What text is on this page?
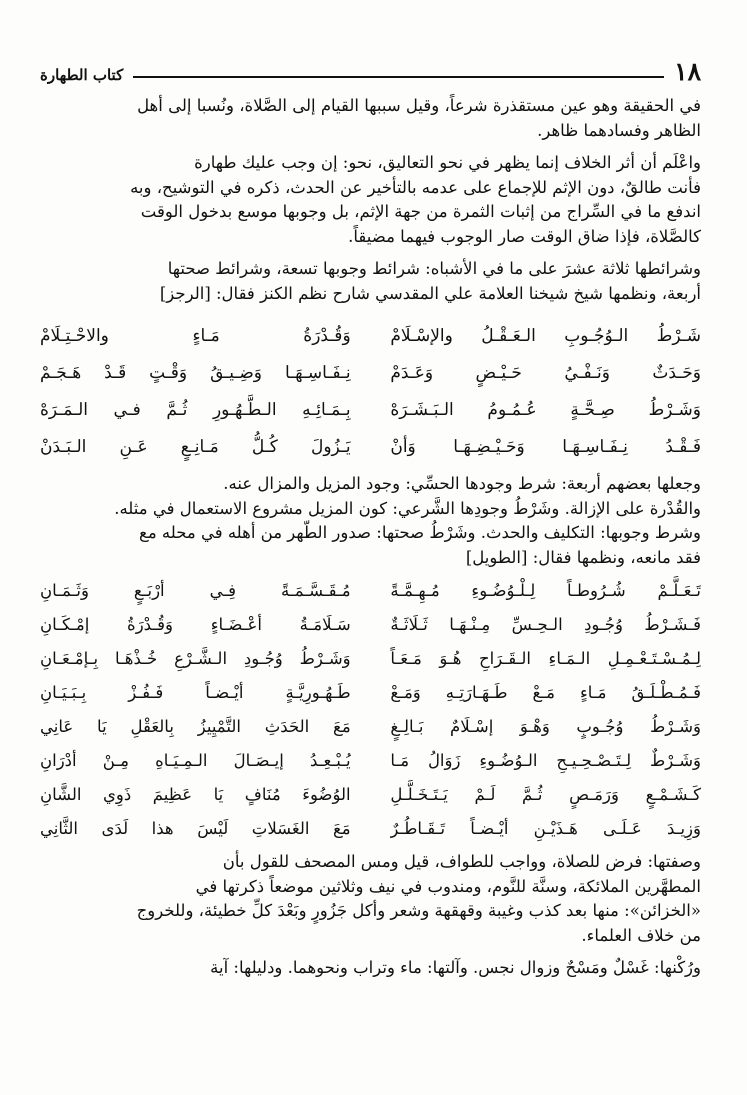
١٨
كتاب الطهارة

في الحقيقة وهو عين مستقذرة شرعاً، وقيل سببها القيام إلى الصَّلاة، ونُسبا إلى أهل

الظاهر وفسادهما ظاهر.

واعْلَم أن أثر الخلاف إنما يظهر في نحو التعاليق، نحو: إن وجب عليك طهارة

فأنت طالقٌ، دون الإثم للإجماع على عدمه بالتأخير عن الحدث، ذكره في التوشيح، وبه

اندفع ما في السِّراج من إثبات الثمرة من جهة الإثم، بل وجوبها موسع بدخول الوقت

كالصَّلاة، فإذا ضاق الوقت صار الوجوب فيهما مضيقاً.

وشرائطها ثلاثة عشرَ على ما في الأشباه: شرائط وجوبها تسعة، وشرائط صحتها

أربعة، ونظمها شيخ شيخنا العلامة علي المقدسي شارح نظم الكنز فقال: [الرجز]

شَـرْطُ الـوُجُـوبِ الـعَـقْـلُ والإسْـلَامْ
وَقُـدْرَةُ مَـاءٍ والاحْـتِـلَامْ
وَحَـدَثٌ وَنَـفْـيُ حَـيْـضٍ وَعَـدَمْ
نِـفَـاسِـهَـا وَضِـيـقُ وَقْـتٍ قَـدْ هَـجَـمْ
وَشَـرْطُ صِـحَّـةٍ عُـمُـومُ الـبَـشَـرَهْ
بِـمَـائِـهِ الـطَّـهُـورِ ثُـمَّ فـي الـمَـرَهْ
فَـقْـدُ نِـفَـاسِـهَـا وَحَـيْـضِـهَـا وَأنْ
يَـزُولَ كُـلُّ مَـانِـعٍ عَـنِ الـبَـدَنْ

وجعلها بعضهم أربعة: شرط وجودها الحسِّي: وجود المزيل والمزال عنه.

والقُدْرة على الإزالة. وشَرْطُ وجودِها الشَّرعي: كون المزيل مشروع الاستعمال في مثله.

وشرط وجوبها: التكليف والحدث. وشَرْطُ صحتها: صدور الطّهر من أهله في محله مع

فقد مانعه، ونظمها فقال: [الطويل]

تَـعَـلَّـمْ شُـرُوطـاً لِـلْـوُضُـوءِ مُـهِـمَّـةً
مُـقَـسَّـمَـةً فِـي أرْبَـعٍ وَثَـمَـانِ
فَـشَـرْطُ وُجُـودِ الـحِـسِّ مِـنْـهَـا ثَـلَاثَـةٌ
سَـلَامَـةُ أعْـضَـاءٍ وَقُـدْرَةُ إمْـكَـانِ
لِـمُـسْـتَـعْـمِـلِ الـمَـاءِ الـقَـرَاحِ هُـوَ مَـعَـاً
وَشَـرْطُ وُجُـودِ الـشَّـرْعِ خُـذْهَـا بِـإمْـعَـانِ
فَـمُـطْـلَـقُ مَـاءٍ مَـعْ طَـهَـارَتِـهِ وَمَـعْ
طَـهُـورِيَّـةٍ أيْـضـاً فَـفُـزْ بِـبَـيَـانِ
وَشَـرْطُ وُجُـوبٍ وَهْـوَ إسْـلَامٌ بَـالِـغٍ
مَعَ الحَدَثِ التَّمْيِيزُ بِالعَقْلِ يَا عَانِي
وَشَـرْطٌ لِـتَـصْـحِـيـحِ الـوُضُـوءِ زَوَالُ مَـا
يُـبْـعِـدُ إيـصَـالَ الـمِـيَـاهِ مِـنْ أدْرَانِ
كَـشَـمْـعٍ وَرَمَـصٍ ثُـمَّ لَـمْ يَـتَـخَـلَّـلِ
الوُضُوءَ مُنَافٍ يَا عَظِيمَ ذَوِي الشَّانِ
وَزِيـدَ عَـلَـى هَـذَيْـنِ أيْـضـاً تَـقَـاطُـرٌ
مَعَ الغَسَلاتِ لَيْسَ هذا لَدَى الثَّانِي

وصفتها: فرض للصلاة، وواجب للطواف، قيل ومس المصحف للقول بأن

المطهَّرين الملائكة، وسنَّة للنَّوم، ومندوب في نيف وثلاثين موضعاً ذكرتها في

«الخزائن»: منها بعد كذب وغيبة وقهقهة وشعر وأكل جَزُورٍ وبَعْدَ كلِّ خطيئة، وللخروج

من خلاف العلماء.

ورُكْنها: غَسْلٌ ومَسْحٌ وزوال نجس. وآلتها: ماء وتراب ونحوهما. ودليلها: آية
